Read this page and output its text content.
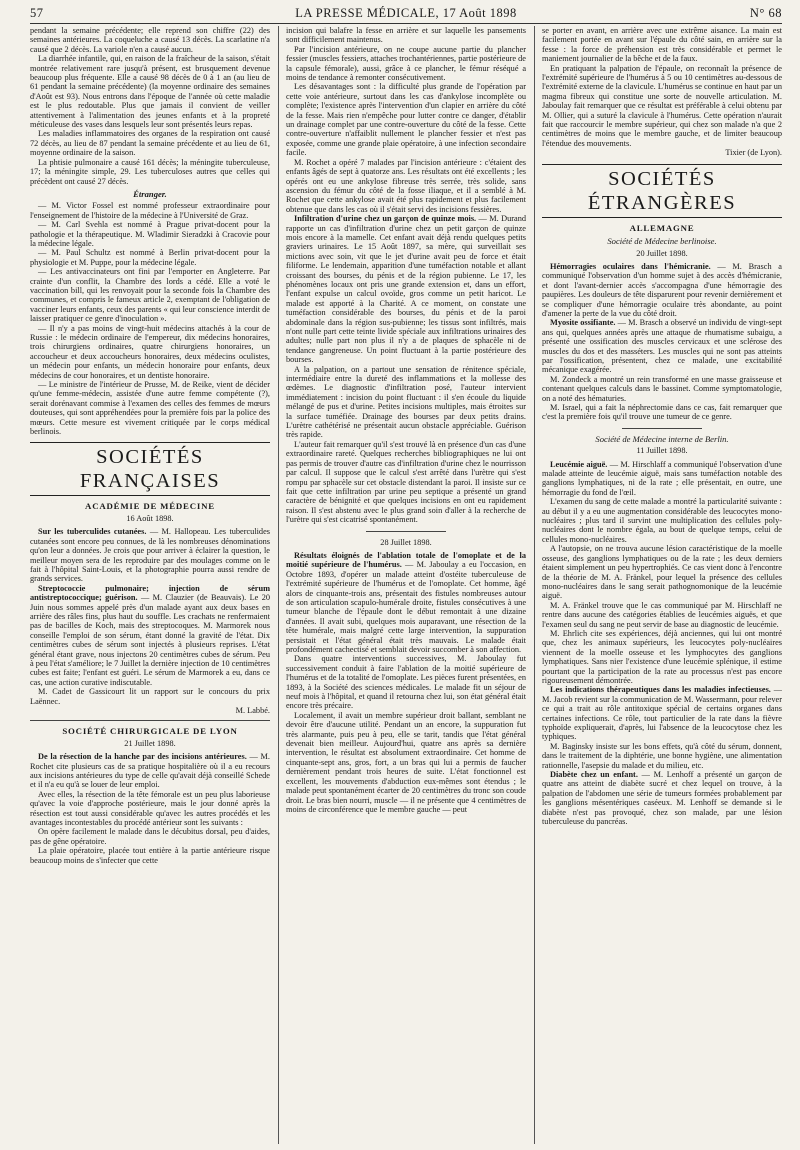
57	LA PRESSE MÉDICALE, 17 Août 1898	N° 68

pendant la semaine précédente; elle reprend son chiffre (22) des semaines antérieures. La coqueluche a causé 13 décès. La scarlatine n'a causé que 2 décès. La variole n'en a causé aucun.

La diarrhée infantile, qui, en raison de la fraîcheur de la saison, s'était montrée relativement rare jusqu'à présent, est brusquement devenue beaucoup plus fréquente. Elle a causé 98 décès de 0 à 1 an (au lieu de 61 pendant la semaine précédente) (la moyenne ordinaire des semaines d'Août est 93). Nous entrons dans l'époque de l'année où cette maladie est le plus redoutable. Plus que jamais il convient de veiller attentivement à l'alimentation des jeunes enfants et à la propreté méticuleuse des vases dans lesquels leur sont présentés leurs repas.

Les maladies inflammatoires des organes de la respiration ont causé 72 décès, au lieu de 87 pendant la semaine précédente et au lieu de 61, moyenne ordinaire de la saison.

La phtisie pulmonaire a causé 161 décès; la méningite tuberculeuse, 17; la méningite simple, 29. Les tuberculoses autres que celles qui précèdent ont causé 27 décès.

Étranger.

— M. Victor Fossel est nommé professeur extraordinaire pour l'enseignement de l'histoire de la médecine à l'Université de Graz.

— M. Carl Svehla est nommé à Prague privat-docent pour la pathologie et la thérapeutique. M. Wladimir Sieradzki à Cracovie pour la médecine légale.

— M. Paul Schultz est nommé à Berlin privat-docent pour la physiologie et M. Puppe, pour la médecine légale.

— Les antivaccinateurs ont fini par l'emporter en Angleterre. Par crainte d'un conflit, la Chambre des lords a cédé. Elle a voté le vaccination bill, qui les renvoyait pour la seconde fois la Chambre des communes, et compris le fameux article 2, exemptant de l'obligation de vacciner leurs enfants, ceux des parents « qui leur conscience interdit de laisser pratiquer ce genre d'inoculation ».

— Il n'y a pas moins de vingt-huit médecins attachés à la cour de Russie : le médecin ordinaire de l'empereur, dix médecins honoraires, trois chirurgiens ordinaires, quatre chirurgiens honoraires, un accoucheur et deux accoucheurs honoraires, deux médecins oculistes, un médecin pour enfants, un médecin honoraire pour enfants, deux médecins de cour honoraires, et un dentiste honoraire.

— Le ministre de l'intérieur de Prusse, M. de Reike, vient de décider qu'une femme-médecin, assistée d'une autre femme compétente (?), serait dorénavant commise à l'examen des celles des femmes de mœurs douteuses, qui sont appréhendées pour la première fois par la police des mœurs. Cette mesure est vivement critiquée par le corps médical berlinois.

SOCIÉTÉS FRANÇAISES
ACADÉMIE DE MÉDECINE
16 Août 1898.

Sur les tuberculides cutanées. — M. Hallopeau. Les tuberculides cutanées sont encore peu connues, de là les nombreuses dénominations qu'on leur a données. Je crois que pour arriver à éclairer la question, le meilleur moyen sera de les reproduire par des moulages comme on le fait à l'hôpital Saint-Louis, et la photographie pourra aussi rendre de grands services.

Streptococcie pulmonaire; injection de sérum antistreptococcique; guérison. — M. Clauzier (de Beauvais). Le 20 Juin nous sommes appelé près d'un malade ayant aux deux bases en arrière des râles fins, plus haut du souffle. Les crachats ne renfermaient pas de bacilles de Koch, mais des streptocoques. M. Marmorek nous conseille l'emploi de son sérum, étant donné la gravité de l'état. Dix centimètres cubes de sérum sont injectés à plusieurs reprises. L'état général étant grave, nous injectons 20 centimètres cubes de sérum. Peu à peu l'état s'améliore; le 7 Juillet la dernière injection de 10 centimètres cubes est faite; l'enfant est guéri. Le sérum de Marmorek a eu, dans ce cas, une action curative indiscutable.

M. Cadet de Gassicourt lit un rapport sur le concours du prix Laënnec.

M. Labbé.
SOCIÉTÉ CHIRURGICALE DE LYON
21 Juillet 1898.

De la résection de la hanche par des incisions antérieures. — M. Rochet cite plusieurs cas de sa pratique hospitalière où il a eu recours aux incisions antérieures du type de celle qu'avait déjà conseillé Schede et il n'a eu qu'à se louer de leur emploi.

Avec elles, la résection de la tête fémorale est un peu plus laborieuse qu'avec la voie d'approche postérieure, mais le jour donné après la résection est tout aussi considérable qu'avec les autres procédés et les avantages incontestables du procédé antérieur sont les suivants :

On opère facilement le malade dans le décubitus dorsal, peu d'aides, pas de gêne opératoire.

La plaie opératoire, placée tout entière à la partie antérieure risque beaucoup moins de s'infecter que cette

incision qui balafre la fesse en arrière et sur laquelle les pansements sont difficilement maintenus.

Par l'incision antérieure, on ne coupe aucune partie du plancher fessier (muscles fessiers, attaches trochantériennes, partie postérieure de la capsule fémorale), aussi, grâce à ce plancher, le fémur réséqué a moins de tendance à remonter consécutivement.

Les désavantages sont : la difficulté plus grande de l'opération par cette voie antérieure, surtout dans les cas d'ankylose incomplète ou complète; l'existence après l'intervention d'un clapier en arrière du côté de la fesse. Mais rien n'empêche pour lutter contre ce danger, d'établir un drainage complet par une contre-ouverture du côté de la fesse. Cette contre-ouverture n'affaiblit nullement le plancher fessier et n'est pas exposée, comme une grande plaie opératoire, à une infection secondaire facile.

M. Rochet a opéré 7 malades par l'incision antérieure : c'étaient des enfants âgés de sept à quatorze ans. Les résultats ont été excellents ; les opérés ont eu une ankylose fibreuse très serrée, très solide, sans ascension du fémur du côté de la fosse iliaque, et il a semblé à M. Rochet que cette ankylose avait été plus rapidement et plus facilement obtenue que dans les cas où il s'était servi des incisions fessières.

Infiltration d'urine chez un garçon de quinze mois. — M. Durand rapporte un cas d'infiltration d'urine chez un petit garçon de quinze mois encore à la mamelle. Cet enfant avait déjà rendu quelques petits graviers urinaires. Le 15 Août 1897, sa mère, qui surveillait ses mictions avec soin, vit que le jet d'urine avait peu de force et était filiforme. Le lendemain, apparition d'une tuméfaction notable et allant croissant des bourses, du pénis et de la région pubienne. Le 17, les phénomènes locaux ont pris une grande extension et, dans un effort, l'enfant expulse un calcul ovoïde, gros comme un petit haricot. Le malade est apporté à la Charité. A ce moment, on constate une tuméfaction considérable des bourses, du pénis et de la paroi abdominale dans la région sus-pubienne; les tissus sont infiltrés, mais n'ont nulle part cette teinte livide spéciale aux infiltrations urinaires des adultes; nulle part non plus il n'y a de plaques de sphacèle ni de tendance gangreneuse. Un point fluctuant à la partie postérieure des bourses.

A la palpation, on a partout une sensation de rénitence spéciale, intermédiaire entre la dureté des inflammations et la mollesse des œdèmes. Le diagnostic d'infiltration posé, l'auteur intervient immédiatement : incision du point fluctuant : il s'en écoule du liquide mélangé de pus et d'urine. Petites incisions multiples, mais étroites sur la surface tuméfiée. Drainage des bourses par deux petits drains. L'urètre cathétérisé ne présentait aucun obstacle appréciable. Guérison très rapide.

L'auteur fait remarquer qu'il s'est trouvé là en présence d'un cas d'une extraordinaire rareté. Quelques recherches bibliographiques ne lui ont pas permis de trouver d'autre cas d'infiltration d'urine chez le nourrisson par calcul. Il suppose que le calcul s'est arrêté dans l'urètre qui s'est rompu par sphacèle sur cet obstacle distendant la paroi. Il insiste sur ce fait que cette infiltration par urine peu septique a présenté un grand caractère de bénignité et que quelques incisions en ont eu rapidement raison. Il s'est abstenu avec le plus grand soin d'aller à la recherche de l'urètre qui s'est cicatrisé spontanément.

28 Juillet 1898.

Résultats éloignés de l'ablation totale de l'omoplate et de la moitié supérieure de l'humérus. — M. Jaboulay a eu l'occasion, en Octobre 1893, d'opérer un malade atteint d'ostéite tuberculeuse de l'extrémité supérieure de l'humérus et de l'omoplate. Cet homme, âgé alors de cinquante-trois ans, présentait des fistules nombreuses autour de son articulation scapulo-humérale droite, fistules consécutives à une tumeur blanche de l'épaule dont le début remontait à une dizaine d'années. Il avait subi, quelques mois auparavant, une résection de la tête humérale, mais malgré cette large intervention, la suppuration persistait et l'état général était très mauvais. Le malade était profondément cachectisé et semblait devoir succomber à son affection.

Dans quatre interventions successives, M. Jaboulay fut successivement conduit à faire l'ablation de la moitié supérieure de l'humérus et de la totalité de l'omoplate. Les pièces furent présentées, en 1893, à la Société des sciences médicales. Le malade fit un séjour de neuf mois à l'hôpital, et quand il retourna chez lui, son état général était encore très précaire.

Localement, il avait un membre supérieur droit ballant, semblant ne devoir être d'aucune utilité. Pendant un an encore, la suppuration fut très alarmante, puis peu à peu, elle se tarit, tandis que l'état général devenait bien meilleur. Aujourd'hui, quatre ans après sa dernière intervention, le résultat est absolument extraordinaire. Cet homme de cinquante-sept ans, gros, fort, a un bras qui lui a permis de faucher dernièrement pendant trois heures de suite. L'état fonctionnel est excellent, les mouvements d'abduction eux-mêmes sont étendus ; le malade peut spontanément écarter de 20 centimètres du tronc son coude droit. Le bras bien nourri, muscle — il ne présente que 4 centimètres de moins de circonférence que le membre gauche — peut

se porter en avant, en arrière avec une extrême aisance. La main est facilement portée en avant sur l'épaule du côté sain, en arrière sur la fesse : la force de préhension est très considérable et permet le maniement journalier de la bêche et de la faux.

En pratiquant la palpation de l'épaule, on reconnaît la présence de l'extrémité supérieure de l'humérus à 5 ou 10 centimètres au-dessous de l'extrémité externe de la clavicule. L'humérus se continue en haut par un magma fibreux qui constitue une sorte de nouvelle articulation. M. Jaboulay fait remarquer que ce résultat est préférable à celui obtenu par M. Ollier, qui a suturé la clavicule à l'humérus. Cette opération n'aurait fait que raccourcir le membre supérieur, qui chez son malade n'a que 2 centimètres de moins que le membre gauche, et de limiter beaucoup l'étendue des mouvements.

Tixier (de Lyon).
SOCIÉTÉS ÉTRANGÈRES
ALLEMAGNE
Société de Médecine berlinoise.
20 Juillet 1898.

Hémorragies oculaires dans l'hémicranie. — M. Brasch a communiqué l'observation d'un homme sujet à des accès d'hémicranie, et dont l'avant-dernier accès s'accompagna d'une hémorragie des paupières. Les douleurs de tête disparurent pour revenir dernièrement et se compliquer d'une hémorragie oculaire très abondante, au point d'amener la perte de la vue du côté droit.

Myosite ossifiante. — M. Brasch a observé un individu de vingt-sept ans qui, quelques années après une attaque de rhumatisme subaigu, a présenté une ossification des muscles cervicaux et une sclérose des muscles du dos et des masséters. Les muscles qui ne sont pas atteints par l'ossification, présentent, chez ce malade, une excitabilité mécanique exagérée.

M. Zondeck a montré un rein transformé en une masse graisseuse et contenant quelques calculs dans le bassinet. Comme symptomatologie, on a noté des hématuries.

M. Israel, qui a fait la néphrectomie dans ce cas, fait remarquer que c'est la première fois qu'il trouve une tumeur de ce genre.

Société de Médecine interne de Berlin.
11 Juillet 1898.

Leucémie aiguë. — M. Hirschlaff a communiqué l'observation d'une malade atteinte de leucémie aiguë, mais sans tuméfaction notable des ganglions lymphatiques, ni de la rate ; elle présentait, en outre, une hémorragie du fond de l'œil.

L'examen du sang de cette malade a montré la particularité suivante : au début il y a eu une augmentation considérable des leucocytes mono-nucléaires ; plus tard il survint une multiplication des cellules poly-nucléaires dont le nombre égala, au bout de quelque temps, celui de cellules mono-nucléaires.

A l'autopsie, on ne trouva aucune lésion caractéristique de la moelle osseuse, des ganglions lymphatiques ou de la rate ; les deux derniers étaient simplement un peu hypertrophiés. Ce cas vient donc à l'encontre de la théorie de M. A. Fränkel, pour lequel la présence des cellules mono-nucléaires dans le sang serait pathognomonique de la leucémie aiguë.

M. A. Fränkel trouve que le cas communiqué par M. Hirschlaff ne rentre dans aucune des catégories établies de leucémies aiguës, et que l'examen seul du sang ne peut servir de base au diagnostic de leucémie.

M. Ehrlich cite ses expériences, déjà anciennes, qui lui ont montré que, chez les animaux supérieurs, les leucocytes poly-nucléaires viennent de la moelle osseuse et les lymphocytes des ganglions lymphatiques. Sans nier l'existence d'une leucémie splénique, il estime pourtant que la participation de la rate au processus n'est pas encore rigoureusement démontrée.

Les indications thérapeutiques dans les maladies infectieuses. — M. Jacob revient sur la communication de M. Wassermann, pour relever ce qui a trait au rôle antitoxique spécial de certains organes dans certaines infections. Ce rôle, tout particulier de la rate dans la fièvre typhoïde expliquerait, d'après, lui l'absence de la leucocytose chez les typhiques.

M. Baginsky insiste sur les bons effets, qu'à côté du sérum, donnent, dans le traitement de la diphtérie, une bonne hygiène, une alimentation rationnelle, l'asepsie du malade et du milieu, etc.

Diabète chez un enfant. — M. Lenhoff a présenté un garçon de quatre ans atteint de diabète sucré et chez lequel on trouve, à la palpation de l'abdomen une série de tumeurs formées probablement par les ganglions mésentériques caséeux. M. Lenhoff se demande si le diabète n'est pas provoqué, chez son malade, par une lésion tuberculeuse du pancréas.
